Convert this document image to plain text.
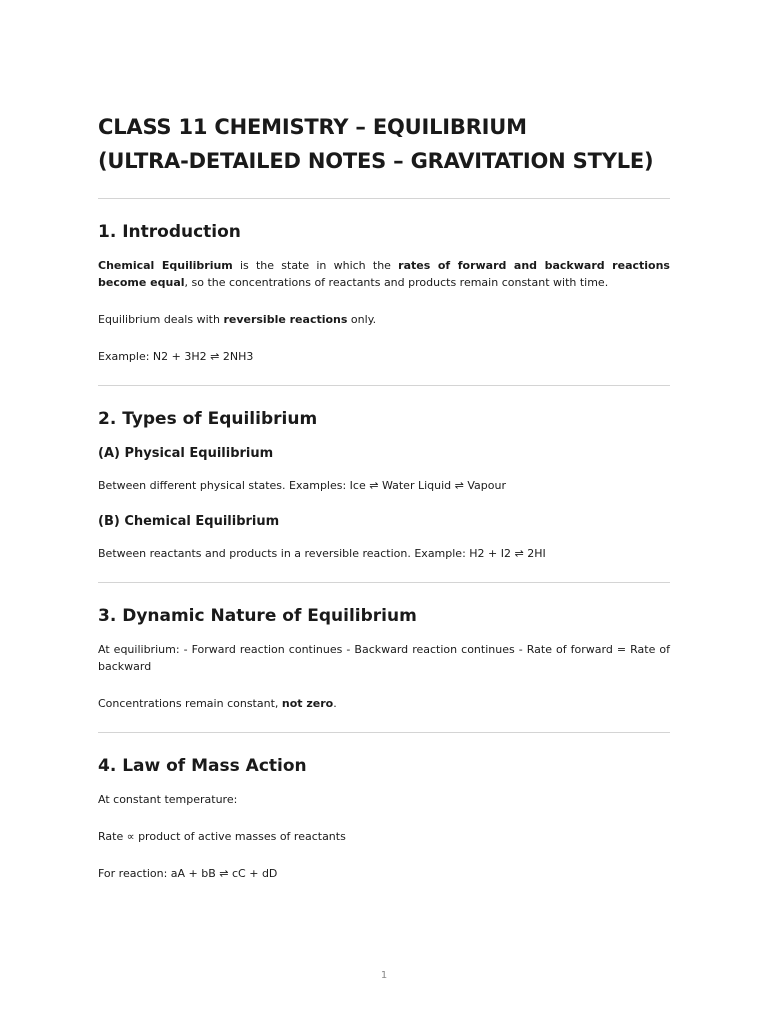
CLASS 11 CHEMISTRY – EQUILIBRIUM
(ULTRA-DETAILED NOTES – GRAVITATION STYLE)
1. Introduction

Chemical Equilibrium is the state in which the rates of forward and backward reactions become equal, so the concentrations of reactants and products remain constant with time.

Equilibrium deals with reversible reactions only.

Example: N2 + 3H2 ⇌ 2NH3

2. Types of Equilibrium
(A) Physical Equilibrium

Between different physical states. Examples: Ice ⇌ Water Liquid ⇌ Vapour

(B) Chemical Equilibrium

Between reactants and products in a reversible reaction. Example: H2 + I2 ⇌ 2HI

3. Dynamic Nature of Equilibrium

At equilibrium: - Forward reaction continues - Backward reaction continues - Rate of forward = Rate of backward

Concentrations remain constant, not zero.

4. Law of Mass Action

At constant temperature:

Rate ∝ product of active masses of reactants

For reaction: aA + bB ⇌ cC + dD

1
